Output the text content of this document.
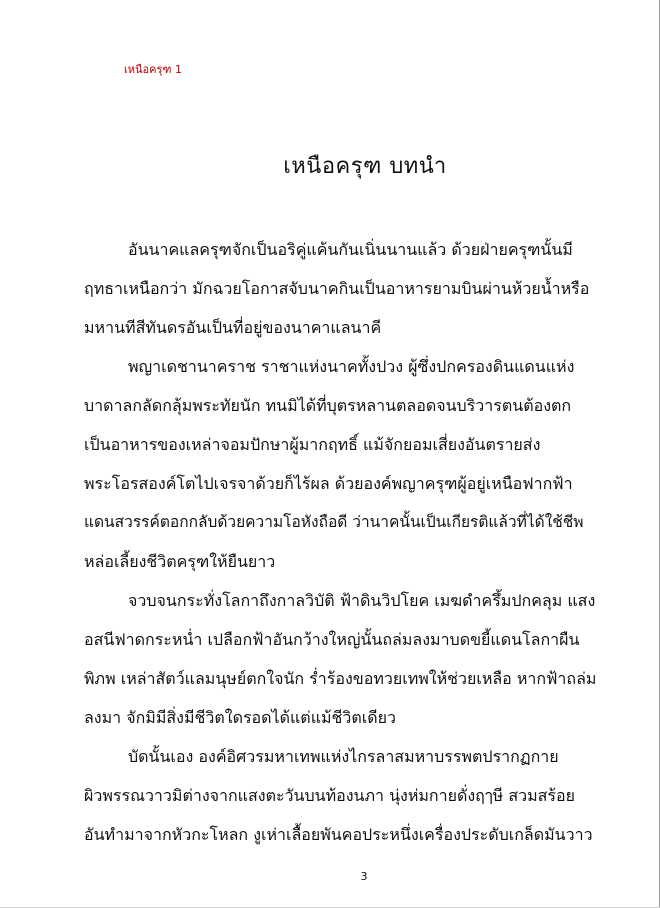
เหนือครุฑ 1
เหนือครุฑ บทนำ
อันนาคแลครุฑจักเป็นอริคู่แค้นกันเนิ่นนานแล้ว ด้วยฝ่ายครุฑนั้นมี
ฤทธาเหนือกว่า มักฉวยโอกาสจับนาคกินเป็นอาหารยามบินผ่านห้วยน้ำหรือ
มหานทีสีทันดรอันเป็นที่อยู่ของนาคาแลนาคี
พญาเดชานาคราช ราชาแห่งนาคทั้งปวง ผู้ซึ่งปกครองดินแดนแห่ง
บาดาลกลัดกลุ้มพระทัยนัก ทนมิได้ที่บุตรหลานตลอดจนบริวารตนต้องตก
เป็นอาหารของเหล่าจอมปักษาผู้มากฤทธิ์ แม้จักยอมเสี่ยงอันตรายส่ง
พระโอรสองค์โตไปเจรจาด้วยก็ไร้ผล ด้วยองค์พญาครุฑผู้อยู่เหนือฟากฟ้า
แดนสวรรค์ตอกกลับด้วยความโอหังถือดี ว่านาคนั้นเป็นเกียรติแล้วที่ได้ใช้ชีพ
หล่อเลี้ยงชีวิตครุฑให้ยืนยาว
จวบจนกระทั่งโลกาถึงกาลวิบัติ ฟ้าดินวิปโยค เมฆดำครึ้มปกคลุม แสง
อสนีฟาดกระหน่ำ เปลือกฟ้าอันกว้างใหญ่นั้นถล่มลงมาบดขยี้แดนโลกาผืน
พิภพ เหล่าสัตว์แลมนุษย์ตกใจนัก ร่ำร้องขอทวยเทพให้ช่วยเหลือ หากฟ้าถล่ม
ลงมา จักมิมีสิ่งมีชีวิตใดรอดได้แต่แม้ชีวิตเดียว
บัดนั้นเอง องค์อิศวรมหาเทพแห่งไกรลาสมหาบรรพตปรากฏกาย
ผิวพรรณวาวมิต่างจากแสงตะวันบนท้องนภา นุ่งห่มกายดั่งฤๅษี สวมสร้อย
อันทำมาจากหัวกะโหลก งูเห่าเลื้อยพันคอประหนึ่งเครื่องประดับเกล็ดมันวาว
3
